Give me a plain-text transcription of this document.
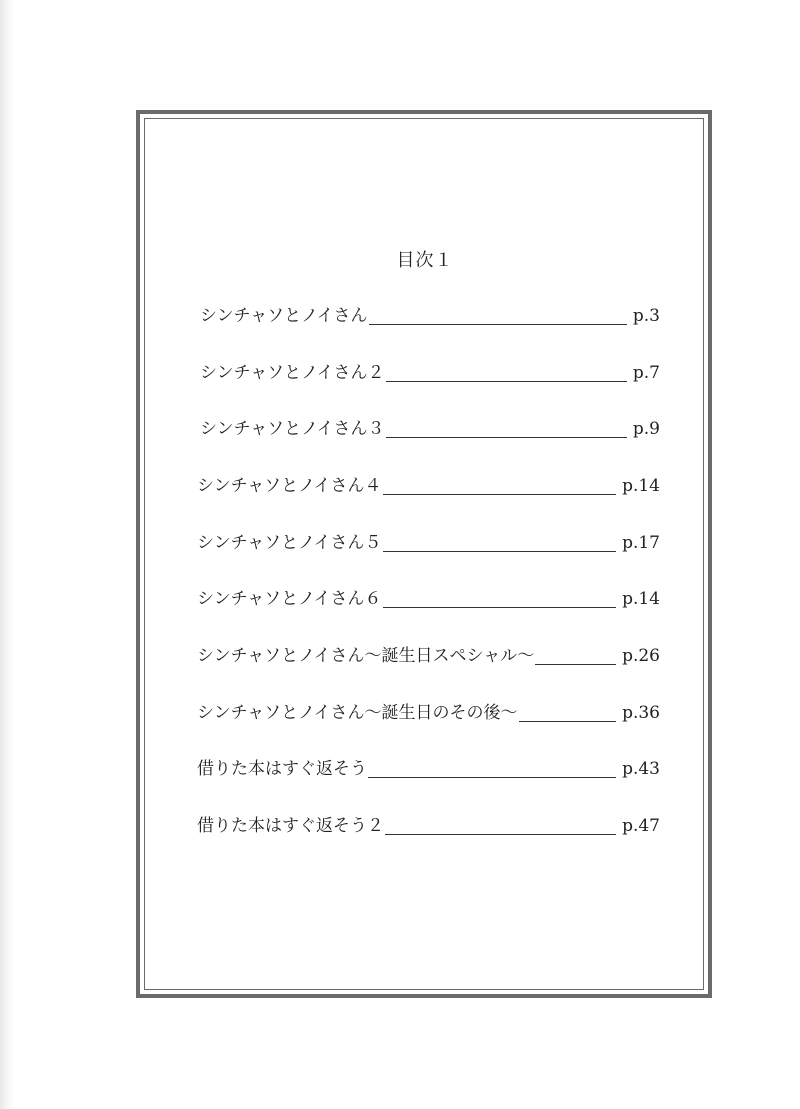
目次１
シンチャソとノイさん	p.3
シンチャソとノイさん２	p.7
シンチャソとノイさん３	p.9
シンチャソとノイさん４	p.14
シンチャソとノイさん５	p.17
シンチャソとノイさん６	p.14
シンチャソとノイさん〜誕生日スペシャル〜	p.26
シンチャソとノイさん〜誕生日のその後〜	p.36
借りた本はすぐ返そう	p.43
借りた本はすぐ返そう２	p.47
